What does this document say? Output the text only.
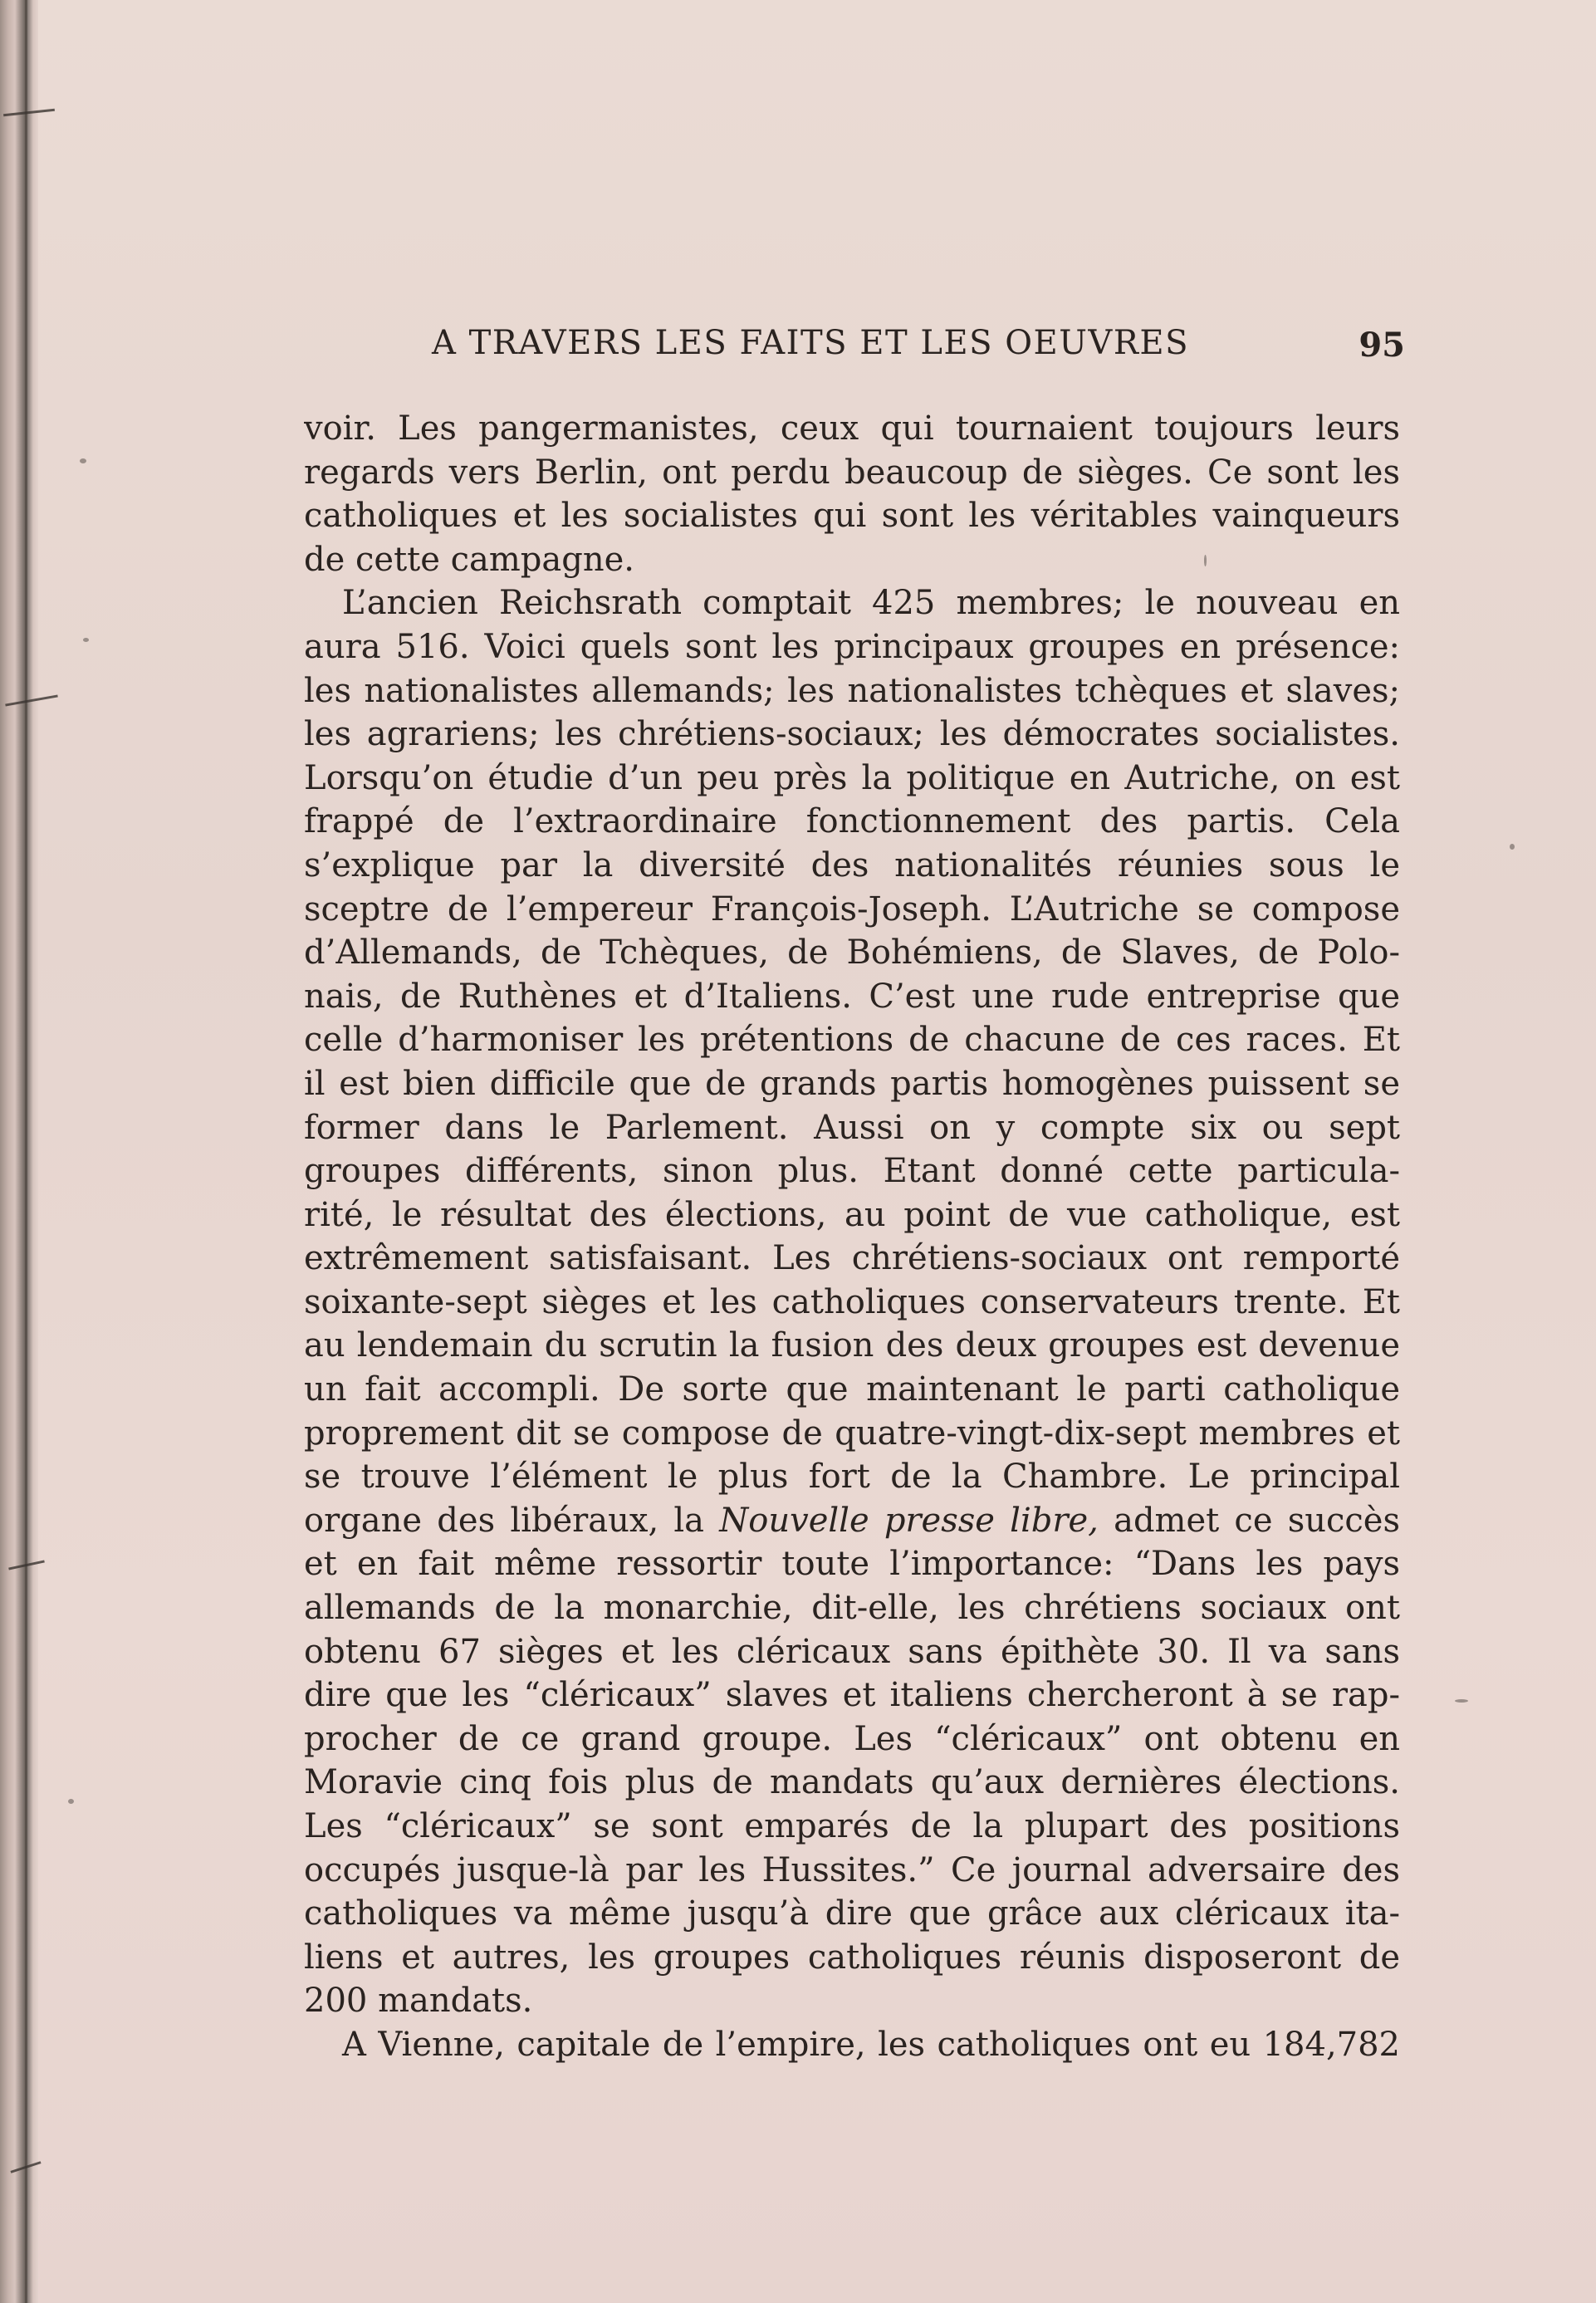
A TRAVERS LES FAITS ET LES OEUVRES	95
voir. Les pangermanistes, ceux qui tournaient toujours leurs
regards vers Berlin, ont perdu beaucoup de sièges. Ce sont les
catholiques et les socialistes qui sont les véritables vainqueurs
de cette campagne.
L’ancien Reichsrath comptait 425 membres; le nouveau en
aura 516. Voici quels sont les principaux groupes en présence:
les nationalistes allemands; les nationalistes tchèques et slaves;
les agrariens; les chrétiens-sociaux; les démocrates socialistes.
Lorsqu’on étudie d’un peu près la politique en Autriche, on est
frappé de l’extraordinaire fonctionnement des partis. Cela
s’explique par la diversité des nationalités réunies sous le
sceptre de l’empereur François-Joseph. L’Autriche se compose
d’Allemands, de Tchèques, de Bohémiens, de Slaves, de Polo-
nais, de Ruthènes et d’Italiens. C’est une rude entreprise que
celle d’harmoniser les prétentions de chacune de ces races. Et
il est bien difficile que de grands partis homogènes puissent se
former dans le Parlement. Aussi on y compte six ou sept
groupes différents, sinon plus. Etant donné cette particula-
rité, le résultat des élections, au point de vue catholique, est
extrêmement satisfaisant. Les chrétiens-sociaux ont remporté
soixante-sept sièges et les catholiques conservateurs trente. Et
au lendemain du scrutin la fusion des deux groupes est devenue
un fait accompli. De sorte que maintenant le parti catholique
proprement dit se compose de quatre-vingt-dix-sept membres et
se trouve l’élément le plus fort de la Chambre. Le principal
organe des libéraux, la Nouvelle presse libre, admet ce succès
et en fait même ressortir toute l’importance: “Dans les pays
allemands de la monarchie, dit-elle, les chrétiens sociaux ont
obtenu 67 sièges et les cléricaux sans épithète 30. Il va sans
dire que les “cléricaux” slaves et italiens chercheront à se rap-
procher de ce grand groupe. Les “cléricaux” ont obtenu en
Moravie cinq fois plus de mandats qu’aux dernières élections.
Les “cléricaux” se sont emparés de la plupart des positions
occupés jusque-là par les Hussites.” Ce journal adversaire des
catholiques va même jusqu’à dire que grâce aux cléricaux ita-
liens et autres, les groupes catholiques réunis disposeront de
200 mandats.
A Vienne, capitale de l’empire, les catholiques ont eu 184,782
